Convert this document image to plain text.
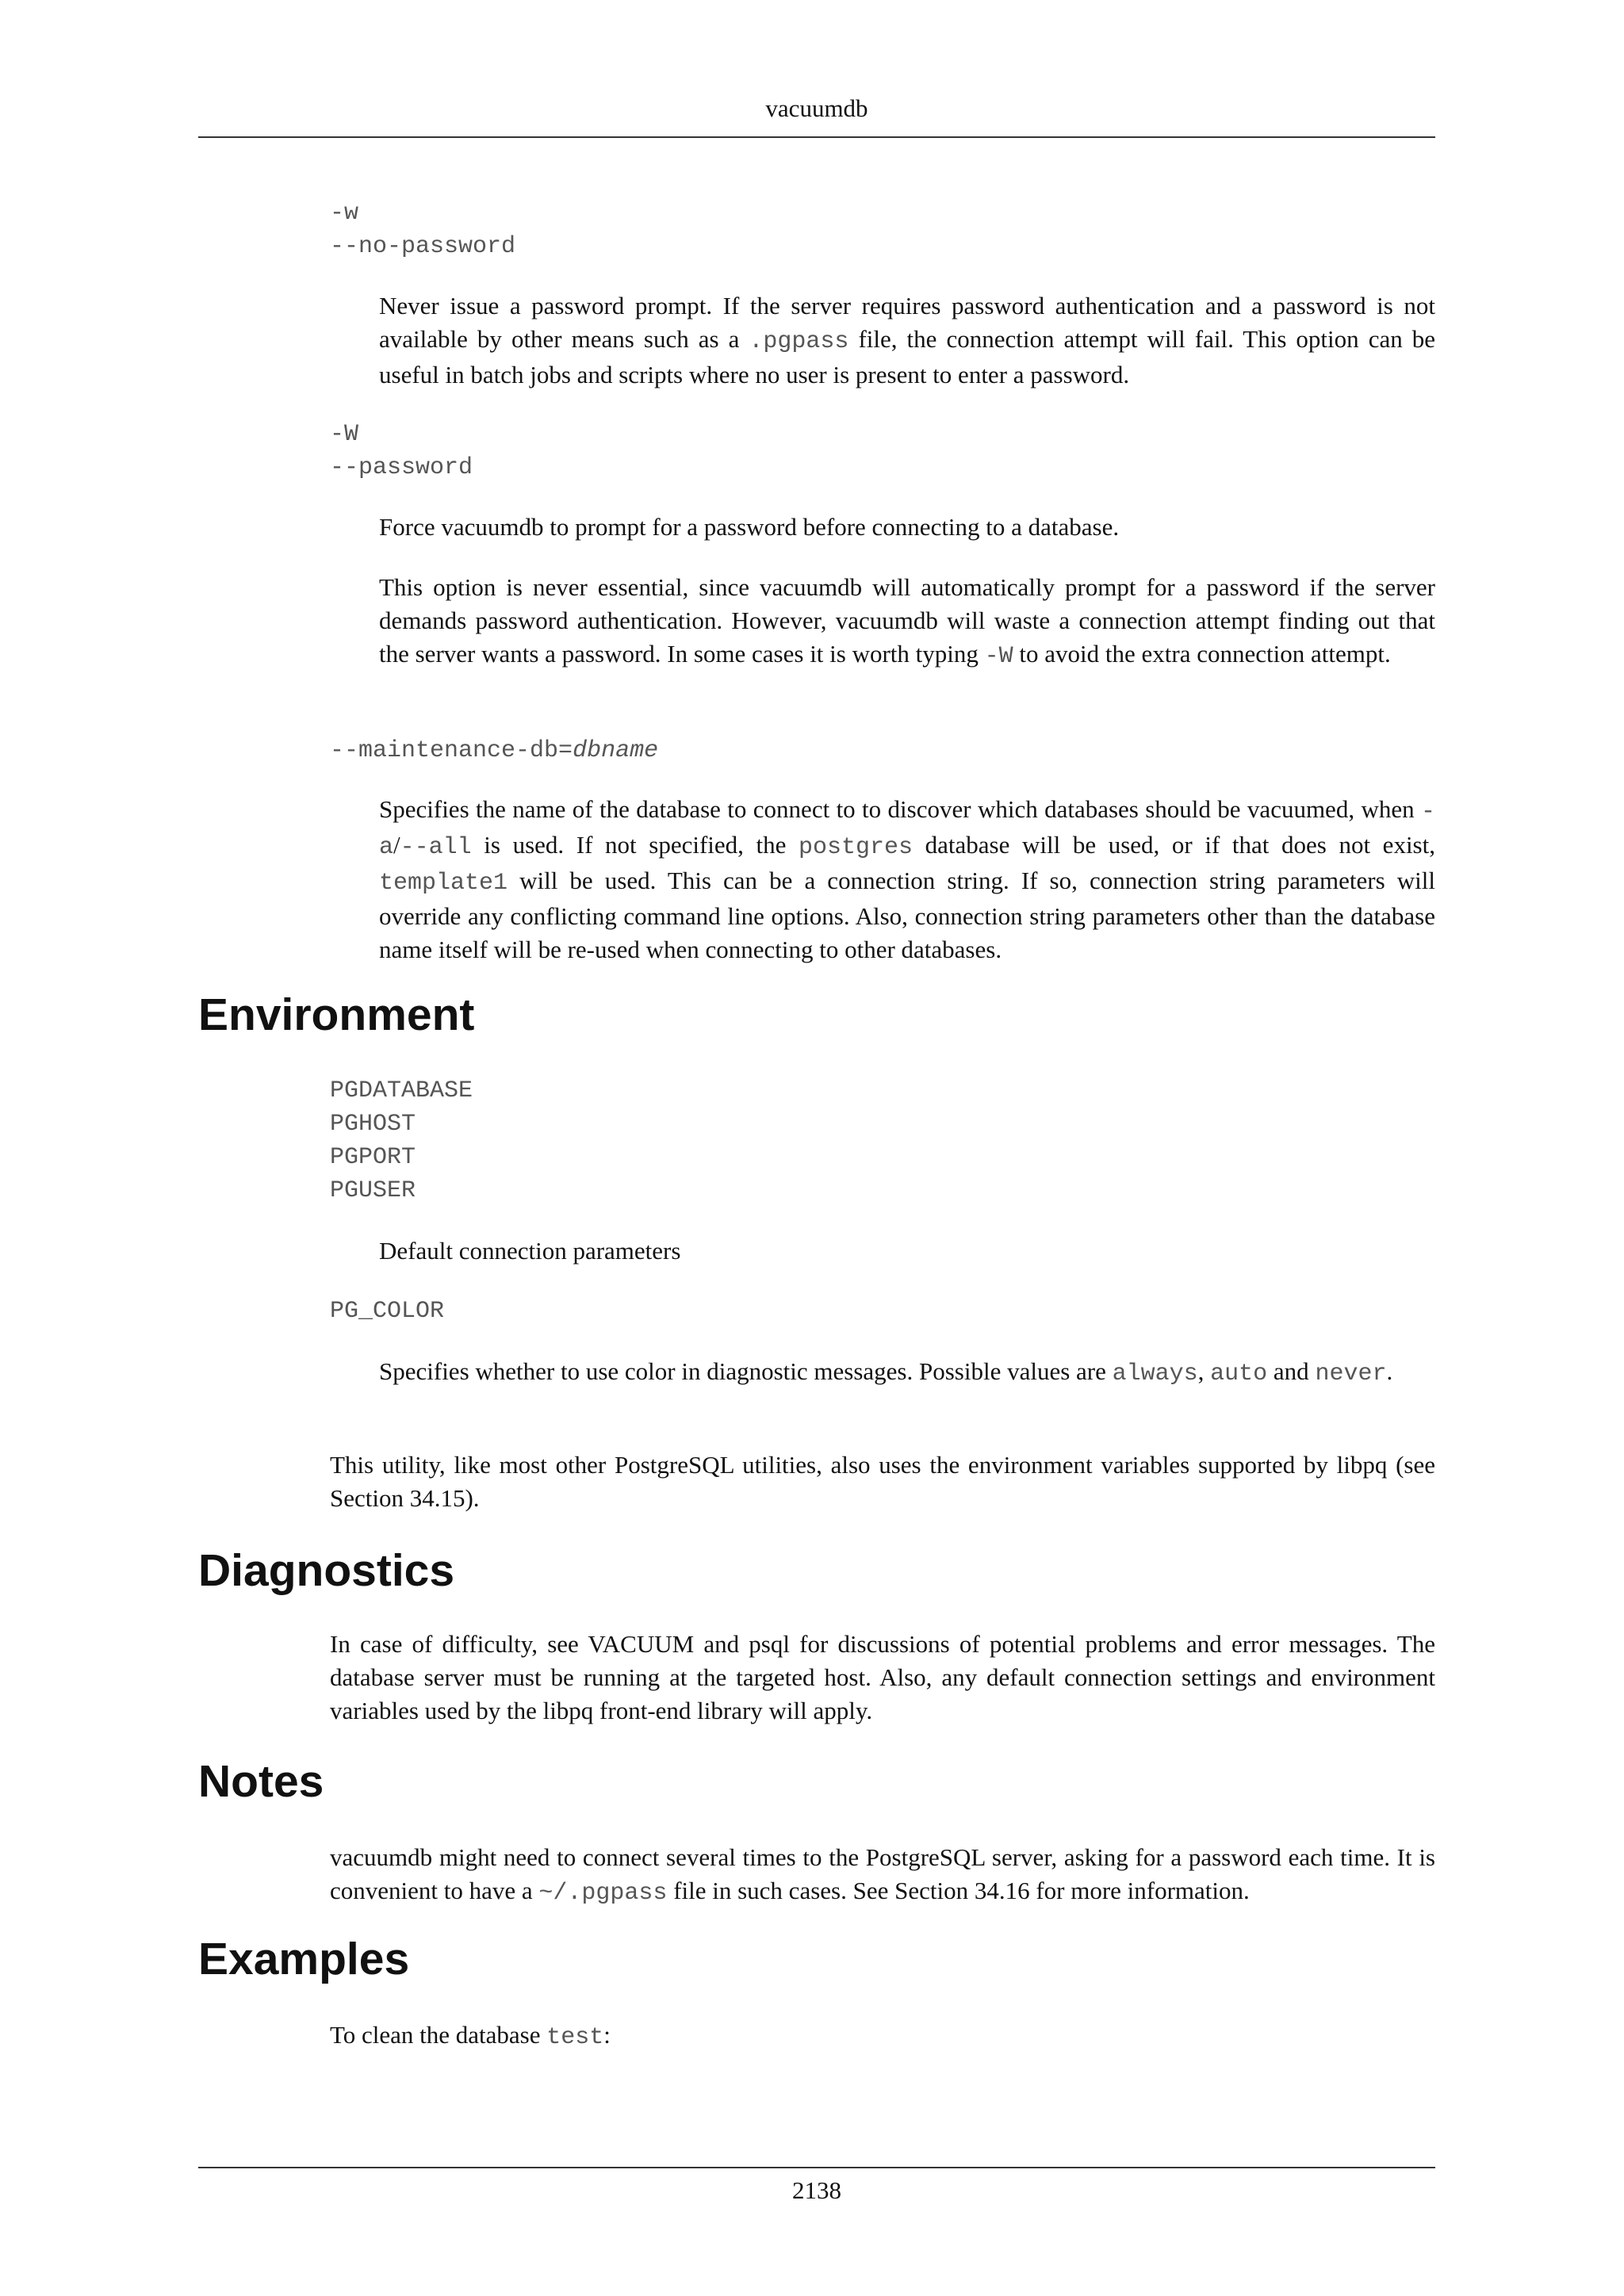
vacuumdb
-w
--no-password
Never issue a password prompt. If the server requires password authentication and a password is not available by other means such as a .pgpass file, the connection attempt will fail. This option can be useful in batch jobs and scripts where no user is present to enter a password.
-W
--password
Force vacuumdb to prompt for a password before connecting to a database.
This option is never essential, since vacuumdb will automatically prompt for a password if the server demands password authentication. However, vacuumdb will waste a connection attempt finding out that the server wants a password. In some cases it is worth typing -W to avoid the extra connection attempt.
--maintenance-db=dbname
Specifies the name of the database to connect to to discover which databases should be vacuumed, when -a/--all is used. If not specified, the postgres database will be used, or if that does not exist, template1 will be used. This can be a connection string. If so, connection string parameters will override any conflicting command line options. Also, connection string parameters other than the database name itself will be re-used when connecting to other databases.
Environment
PGDATABASE
PGHOST
PGPORT
PGUSER
Default connection parameters
PG_COLOR
Specifies whether to use color in diagnostic messages. Possible values are always, auto and never.
This utility, like most other PostgreSQL utilities, also uses the environment variables supported by libpq (see Section 34.15).
Diagnostics
In case of difficulty, see VACUUM and psql for discussions of potential problems and error messages. The database server must be running at the targeted host. Also, any default connection settings and environment variables used by the libpq front-end library will apply.
Notes
vacuumdb might need to connect several times to the PostgreSQL server, asking for a password each time. It is convenient to have a ~/.pgpass file in such cases. See Section 34.16 for more information.
Examples
To clean the database test:
2138
